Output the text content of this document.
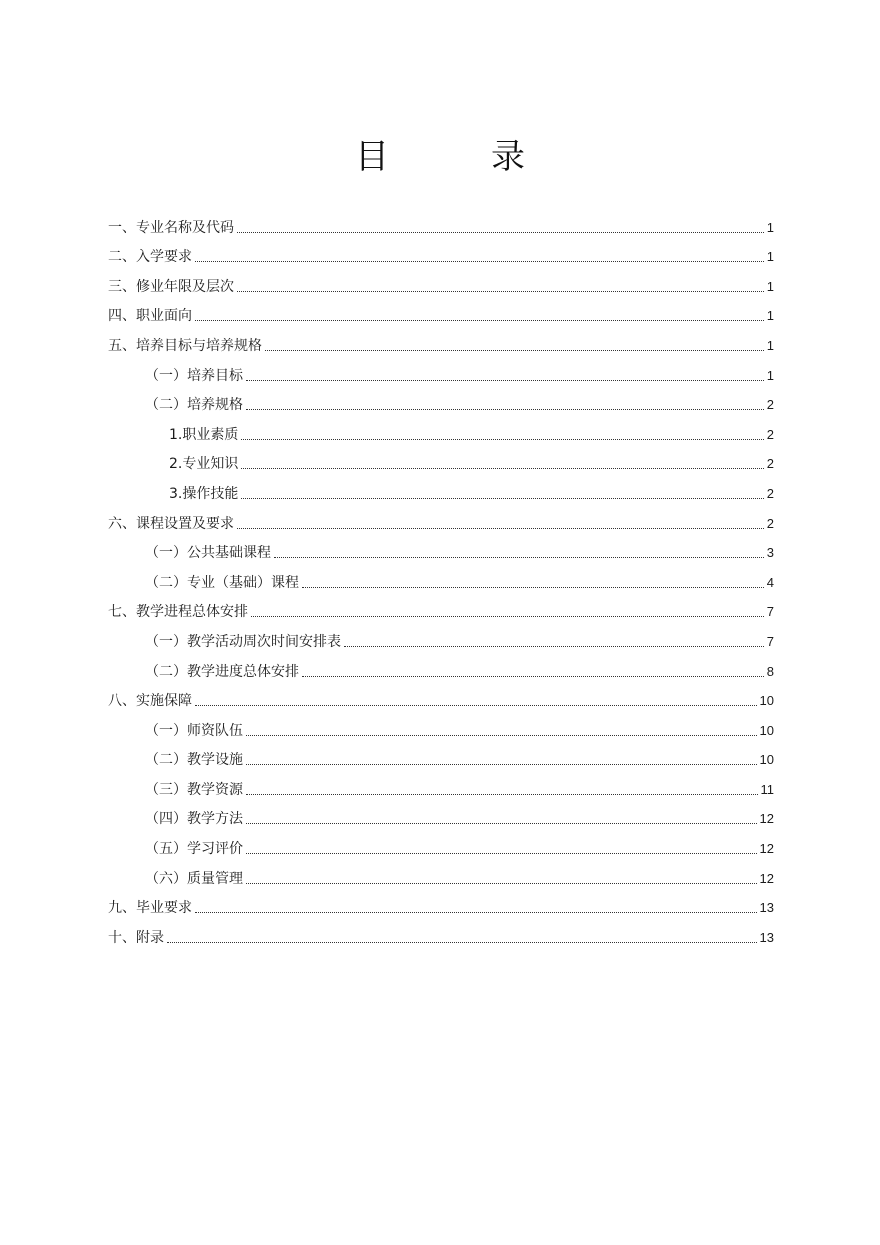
目　录
一、专业名称及代码	1
二、入学要求	1
三、修业年限及层次	1
四、职业面向	1
五、培养目标与培养规格	1
（一）培养目标	1
（二）培养规格	2
1.职业素质	2
2.专业知识	2
3.操作技能	2
六、课程设置及要求	2
（一）公共基础课程	3
（二）专业（基础）课程	4
七、教学进程总体安排	7
（一）教学活动周次时间安排表	7
（二）教学进度总体安排	8
八、实施保障	10
（一）师资队伍	10
（二）教学设施	10
（三）教学资源	11
（四）教学方法	12
（五）学习评价	12
（六）质量管理	12
九、毕业要求	13
十、附录	13
